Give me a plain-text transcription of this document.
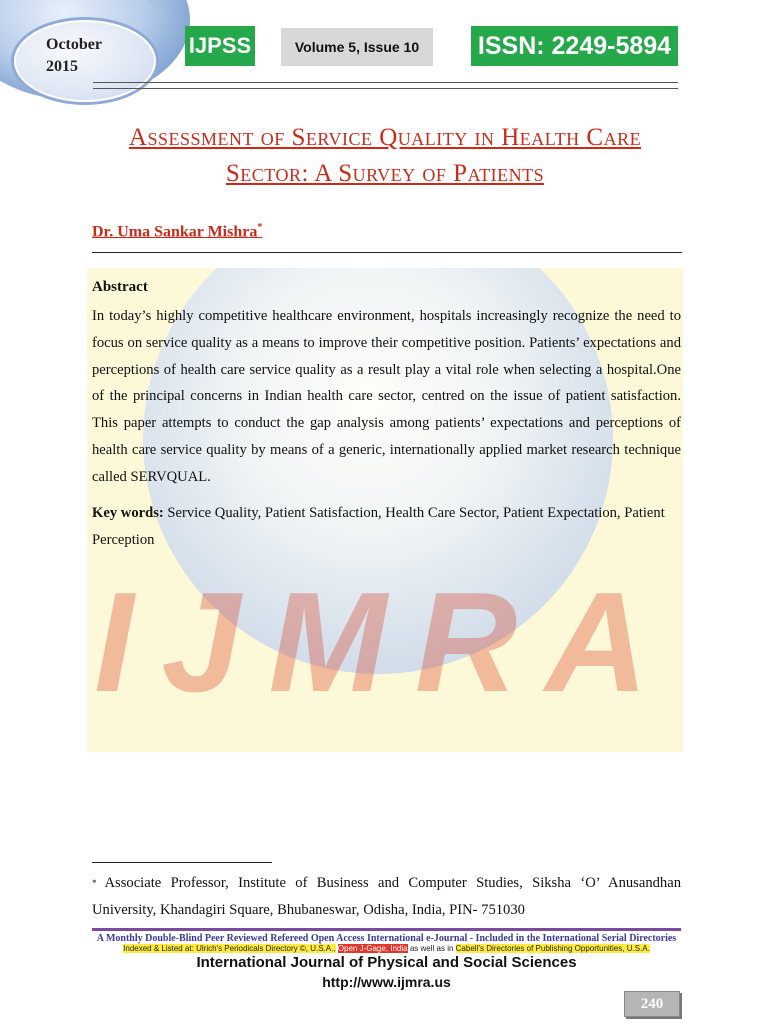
October
2015
IJPSS	Volume 5, Issue 10	ISSN: 2249-5894
IJMRA
Assessment of Service Quality in Health Care
Sector: A Survey of Patients
Dr. Uma Sankar Mishra*
Abstract
In today’s highly competitive healthcare environment, hospitals increasingly recognize the need to focus on service quality as a means to improve their competitive position. Patients’ expectations and perceptions of health care service quality as a result play a vital role when selecting a hospital.One of the principal concerns in Indian health care sector, centred on the issue of patient satisfaction. This paper attempts to conduct the gap analysis among patients’ expectations and perceptions of health care service quality by means of a generic, internationally applied market research technique called SERVQUAL.
Key words: Service Quality, Patient Satisfaction, Health Care Sector, Patient Expectation, Patient Perception
* Associate Professor, Institute of Business and Computer Studies, Siksha ‘O’ Anusandhan University, Khandagiri Square, Bhubaneswar, Odisha, India, PIN- 751030
A Monthly Double-Blind Peer Reviewed Refereed Open Access International e-Journal - Included in the International Serial Directories
Indexed & Listed at: Ulrich's Periodicals Directory ©, U.S.A., Open J-Gage, India as well as in Cabell’s Directories of Publishing Opportunities, U.S.A.
International Journal of Physical and Social Sciences
http://www.ijmra.us
240
